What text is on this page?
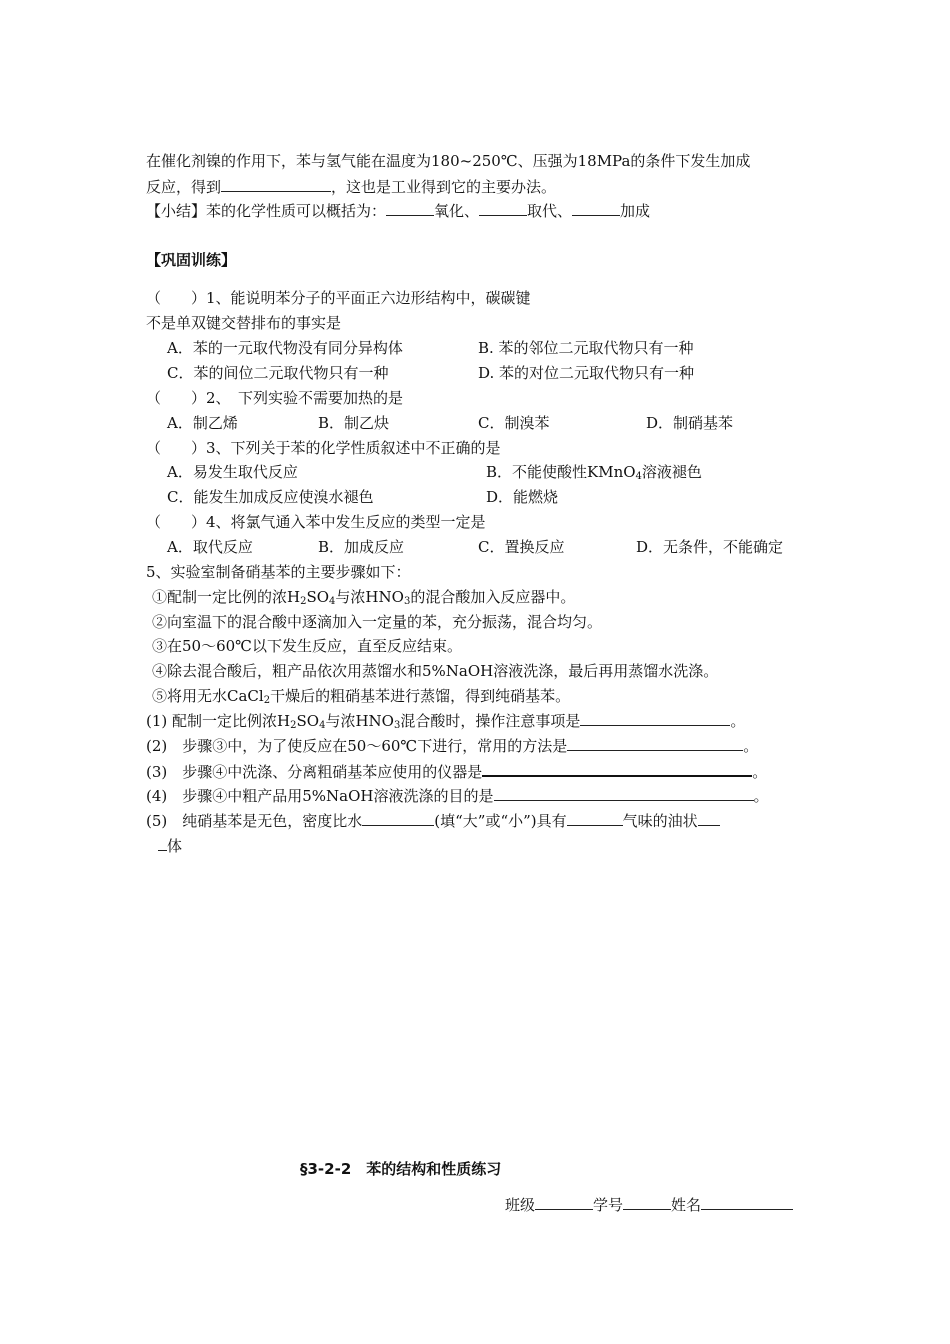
在催化剂镍的作用下，苯与氢气能在温度为180~250℃、压强为18MPa的条件下发生加成
反应，得到	，这也是工业得到它的主要办法。
【小结】苯的化学性质可以概括为：	氧化、	取代、	加成
【巩固训练】
（　　）1、能说明苯分子的平面正六边形结构中，碳碳键
不是单双键交替排布的事实是
A．苯的一元取代物没有同分异构体	B. 苯的邻位二元取代物只有一种
C．苯的间位二元取代物只有一种	D. 苯的对位二元取代物只有一种
（　　）2、　下列实验不需要加热的是
A．制乙烯	B．制乙炔	C．制溴苯	D．制硝基苯
（　　）3、下列关于苯的化学性质叙述中不正确的是
A．易发生取代反应	B．不能使酸性KMnO$_4$溶液褪色
C．能发生加成反应使溴水褪色	D．能燃烧
（　　）4、将氯气通入苯中发生反应的类型一定是
A．取代反应	B．加成反应	C．置换反应	D．无条件，不能确定
5、实验室制备硝基苯的主要步骤如下：
①配制一定比例的浓$H_2SO_4$与浓$HNO_3$的混合酸加入反应器中。
②向室温下的混合酸中逐滴加入一定量的苯，充分振荡，混合均匀。
③在50～60℃以下发生反应，直至反应结束。
④除去混合酸后，粗产品依次用蒸馏水和5%NaOH溶液洗涤，最后再用蒸馏水洗涤。
⑤将用无水CaCl$_2$干燥后的粗硝基苯进行蒸馏，得到纯硝基苯。
(1) 配制一定比例浓$H_2SO_4$与浓$HNO_3$混合酸时，操作注意事项是	。
(2)　步骤③中，为了使反应在50～60℃下进行，常用的方法是	。
(3)　步骤④中洗涤、分离粗硝基苯应使用的仪器是	。
(4)　步骤④中粗产品用5%NaOH溶液洗涤的目的是	。
(5)　纯硝基苯是无色，密度比水	(填“大”或“小”)具有	气味的油状
体
§3-2-2　苯的结构和性质练习
班级	学号	姓名
